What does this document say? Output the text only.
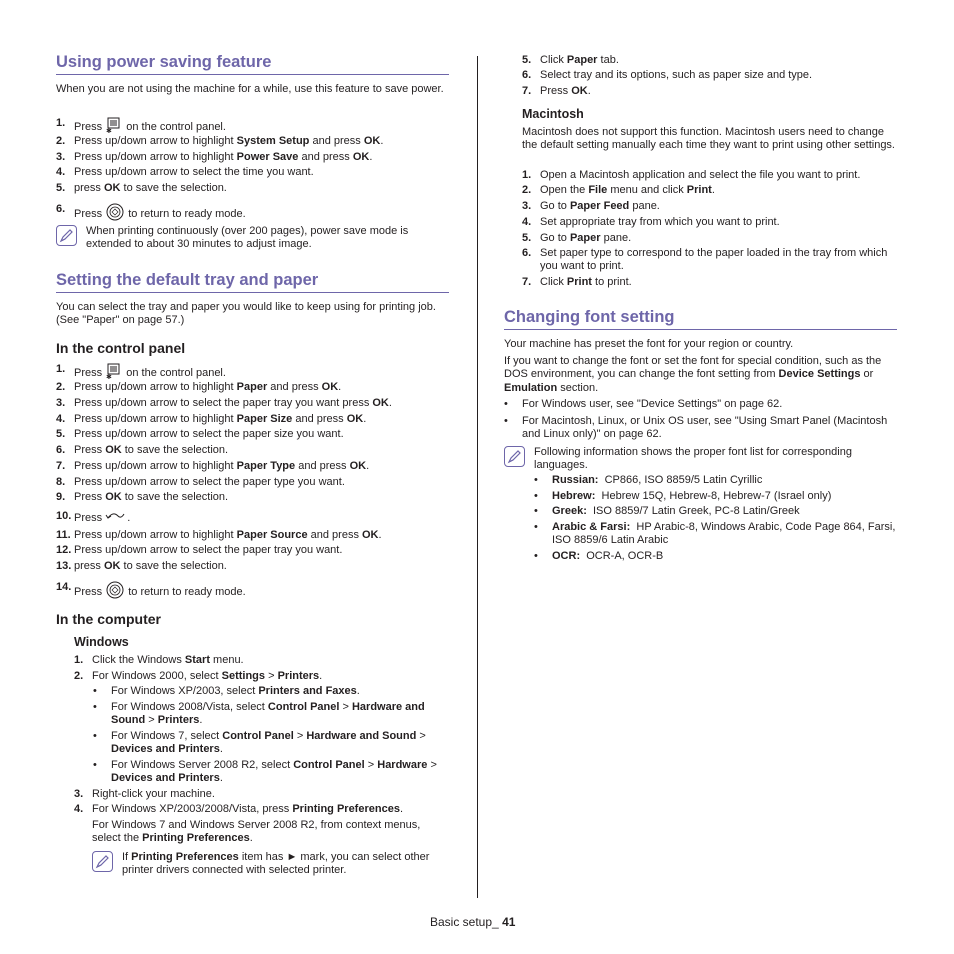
Using power saving feature

When you are not using the machine for a while, use this feature to save power.

1. Press ✱ on the control panel.
2. Press up/down arrow to highlight System Setup and press OK.
3. Press up/down arrow to highlight Power Save and press OK.
4. Press up/down arrow to select the time you want.
5. press OK to save the selection.
6. Press to return to ready mode.
When printing continuously (over 200 pages), power save mode is extended to about 30 minutes to adjust image.
Setting the default tray and paper

You can select the tray and paper you would like to keep using for printing job. (See "Paper" on page 57.)

In the control panel
1. Press ✱ on the control panel.
2. Press up/down arrow to highlight Paper and press OK.
3. Press up/down arrow to select the paper tray you want press OK.
4. Press up/down arrow to highlight Paper Size and press OK.
5. Press up/down arrow to select the paper size you want.
6. Press OK to save the selection.
7. Press up/down arrow to highlight Paper Type and press OK.
8. Press up/down arrow to select the paper type you want.
9. Press OK to save the selection.
10. Press .
11. Press up/down arrow to highlight Paper Source and press OK.
12. Press up/down arrow to select the paper tray you want.
13. press OK to save the selection.
14. Press to return to ready mode.
In the computer
Windows
1. Click the Windows Start menu.
2. For Windows 2000, select Settings > Printers.
• For Windows XP/2003, select Printers and Faxes.
• For Windows 2008/Vista, select Control Panel > Hardware and Sound > Printers.
• For Windows 7, select Control Panel > Hardware and Sound > Devices and Printers.
• For Windows Server 2008 R2, select Control Panel > Hardware > Devices and Printers.
3. Right-click your machine.
4. For Windows XP/2003/2008/Vista, press Printing Preferences.
For Windows 7 and Windows Server 2008 R2, from context menus, select the Printing Preferences.
If Printing Preferences item has ► mark, you can select other printer drivers connected with selected printer.
5. Click Paper tab.
6. Select tray and its options, such as paper size and type.
7. Press OK.
Macintosh

Macintosh does not support this function. Macintosh users need to change the default setting manually each time they want to print using other settings.

1. Open a Macintosh application and select the file you want to print.
2. Open the File menu and click Print.
3. Go to Paper Feed pane.
4. Set appropriate tray from which you want to print.
5. Go to Paper pane.
6. Set paper type to correspond to the paper loaded in the tray from which you want to print.
7. Click Print to print.
Changing font setting

Your machine has preset the font for your region or country.

If you want to change the font or set the font for special condition, such as the DOS environment, you can change the font setting from Device Settings or Emulation section.

• For Windows user, see "Device Settings" on page 62.
• For Macintosh, Linux, or Unix OS user, see "Using Smart Panel (Macintosh and Linux only)" on page 62.
Following information shows the proper font list for corresponding languages.
• Russian: CP866, ISO 8859/5 Latin Cyrillic
• Hebrew: Hebrew 15Q, Hebrew-8, Hebrew-7 (Israel only)
• Greek: ISO 8859/7 Latin Greek, PC-8 Latin/Greek
• Arabic & Farsi: HP Arabic-8, Windows Arabic, Code Page 864, Farsi, ISO 8859/6 Latin Arabic
• OCR: OCR-A, OCR-B
Basic setup_ 41
